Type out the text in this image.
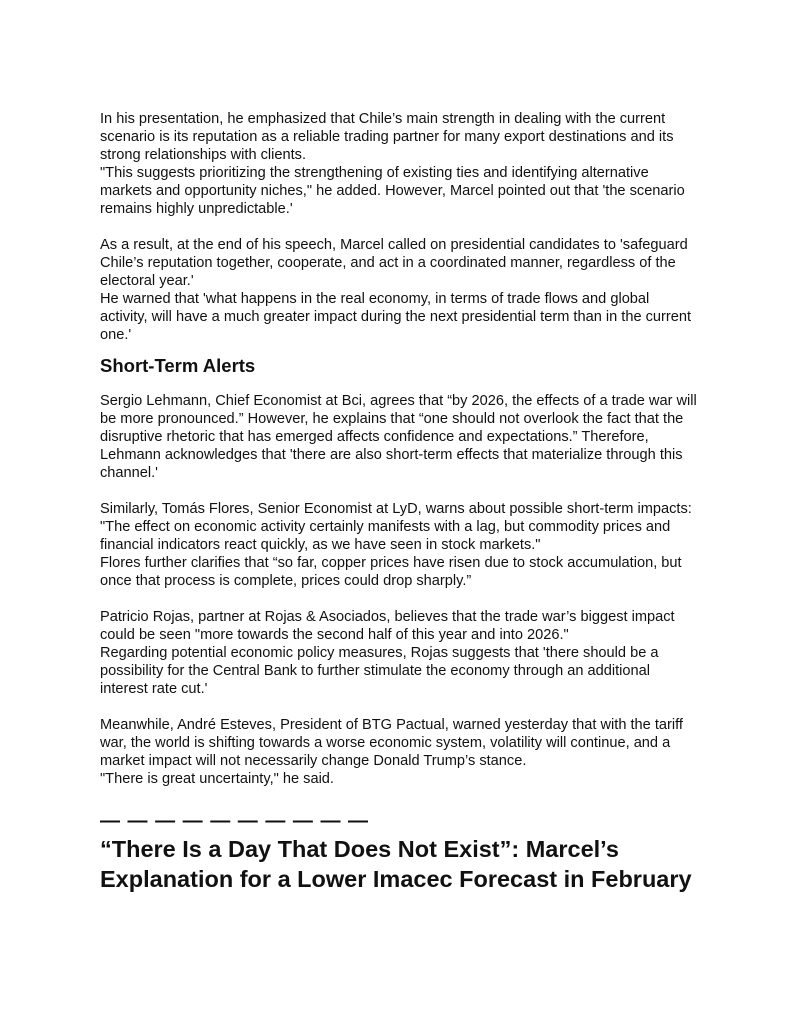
In his presentation, he emphasized that Chile’s main strength in dealing with the current scenario is its reputation as a reliable trading partner for many export destinations and its strong relationships with clients.

"This suggests prioritizing the strengthening of existing ties and identifying alternative markets and opportunity niches," he added. However, Marcel pointed out that 'the scenario remains highly unpredictable.'

As a result, at the end of his speech, Marcel called on presidential candidates to 'safeguard Chile’s reputation together, cooperate, and act in a coordinated manner, regardless of the electoral year.'

He warned that 'what happens in the real economy, in terms of trade flows and global activity, will have a much greater impact during the next presidential term than in the current one.'

Short-Term Alerts

Sergio Lehmann, Chief Economist at Bci, agrees that “by 2026, the effects of a trade war will be more pronounced.” However, he explains that “one should not overlook the fact that the disruptive rhetoric that has emerged affects confidence and expectations.” Therefore, Lehmann acknowledges that 'there are also short-term effects that materialize through this channel.'

Similarly, Tomás Flores, Senior Economist at LyD, warns about possible short-term impacts:

"The effect on economic activity certainly manifests with a lag, but commodity prices and financial indicators react quickly, as we have seen in stock markets."

Flores further clarifies that “so far, copper prices have risen due to stock accumulation, but once that process is complete, prices could drop sharply.”

Patricio Rojas, partner at Rojas & Asociados, believes that the trade war’s biggest impact could be seen "more towards the second half of this year and into 2026."

Regarding potential economic policy measures, Rojas suggests that 'there should be a possibility for the Central Bank to further stimulate the economy through an additional interest rate cut.'

Meanwhile, André Esteves, President of BTG Pactual, warned yesterday that with the tariff war, the world is shifting towards a worse economic system, volatility will continue, and a market impact will not necessarily change Donald Trump’s stance.

"There is great uncertainty," he said.

— — — — — — — — — —
“There Is a Day That Does Not Exist”: Marcel’s Explanation for a Lower Imacec Forecast in February
